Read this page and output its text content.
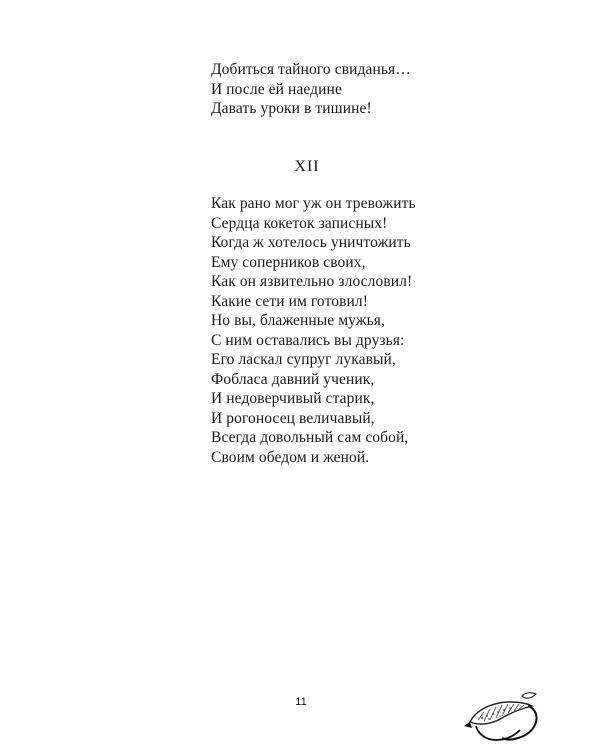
Добиться тайного свиданья…
И после ей наедине
Давать уроки в тишине!
XII
Как рано мог уж он тревожить
Сердца кокеток записных!
Когда ж хотелось уничтожить
Ему соперников своих,
Как он язвительно злословил!
Какие сети им готовил!
Но вы, блаженные мужья,
С ним оставались вы друзья:
Его ласкал супруг лукавый,
Фобласа давний ученик,
И недоверчивый старик,
И рогоносец величавый,
Всегда довольный сам собой,
Своим обедом и женой.
11
